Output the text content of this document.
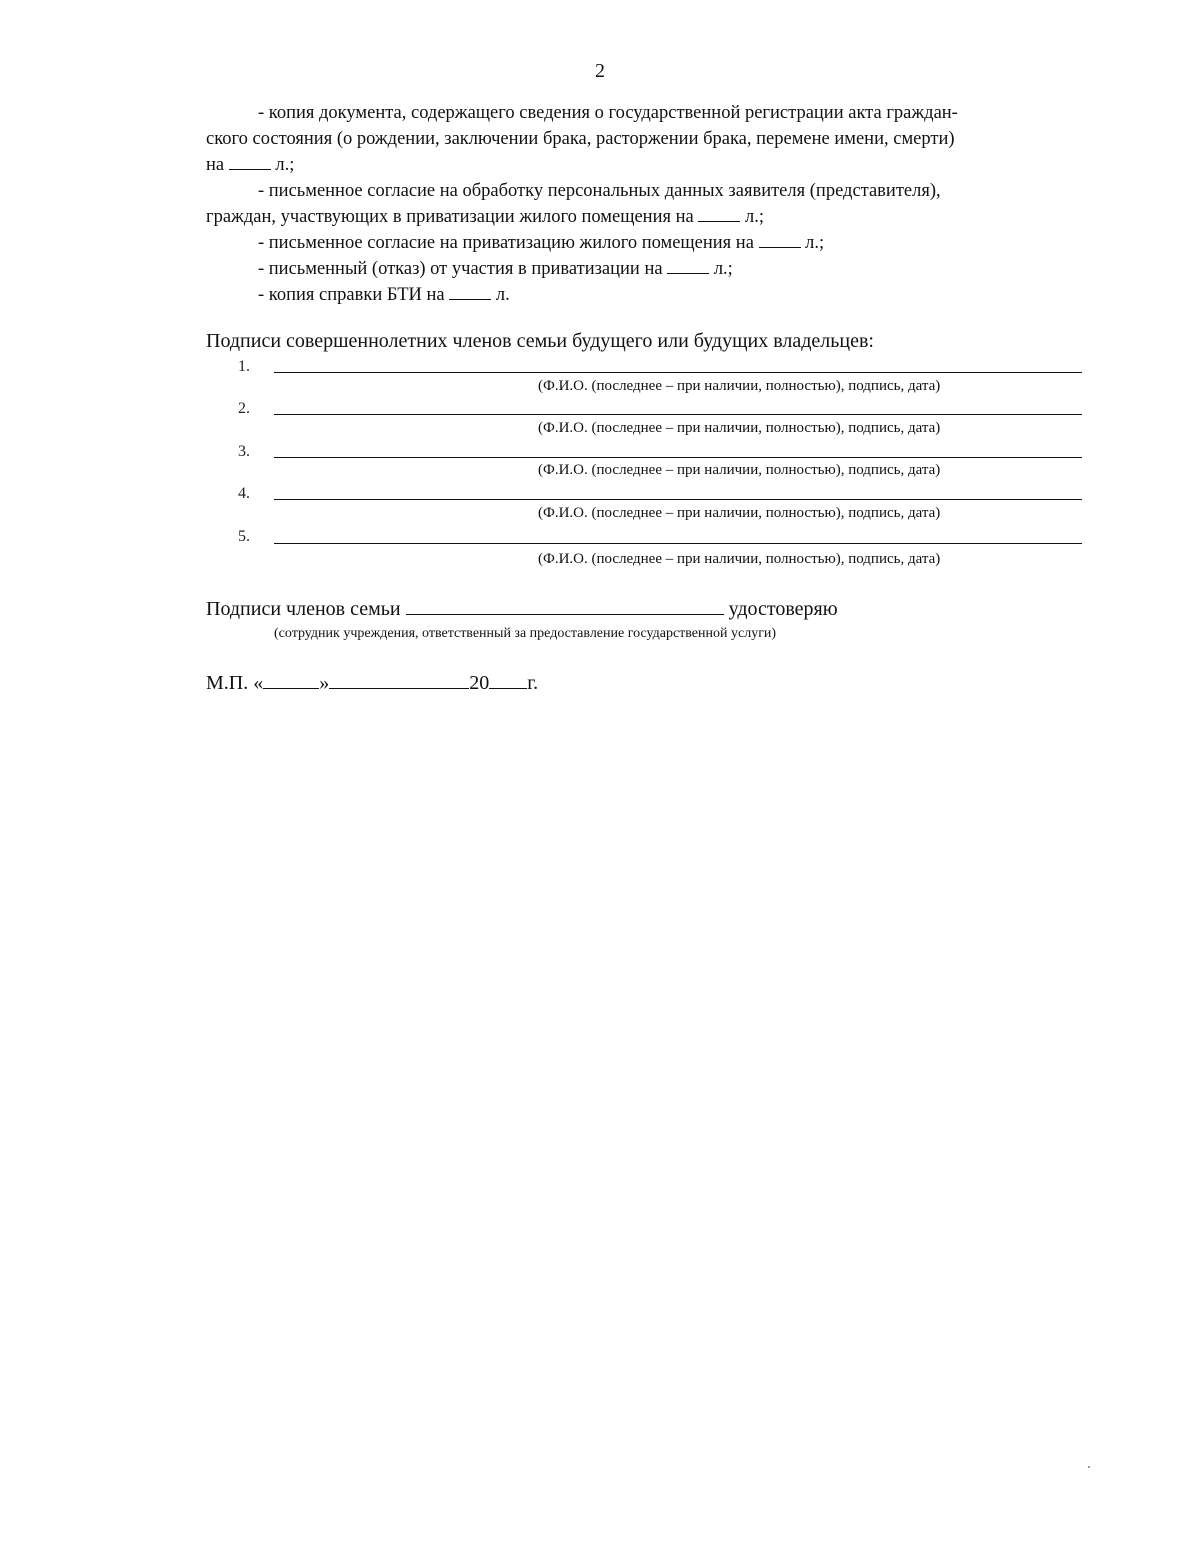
2
- копия документа, содержащего сведения о государственной регистрации акта граждан-
ского состояния (о рождении, заключении брака, расторжении брака, перемене имени, смерти)
на	л.;
- письменное согласие на обработку персональных данных заявителя (представителя),
граждан, участвующих в приватизации жилого помещения на	л.;
- письменное согласие на приватизацию жилого помещения на	л.;
- письменный (отказ) от участия в приватизации на	л.;
- копия справки БТИ на	л.
Подписи совершеннолетних членов семьи будущего или будущих владельцев:
1.
(Ф.И.О. (последнее – при наличии, полностью), подпись, дата)
2.
(Ф.И.О. (последнее – при наличии, полностью), подпись, дата)
3.
(Ф.И.О. (последнее – при наличии, полностью), подпись, дата)
4.
(Ф.И.О. (последнее – при наличии, полностью), подпись, дата)
5.
(Ф.И.О. (последнее – при наличии, полностью), подпись, дата)
Подписи членов семьи	удостоверяю
(сотрудник учреждения, ответственный за предоставление государственной услуги)
М.П. «	»	20 г.
